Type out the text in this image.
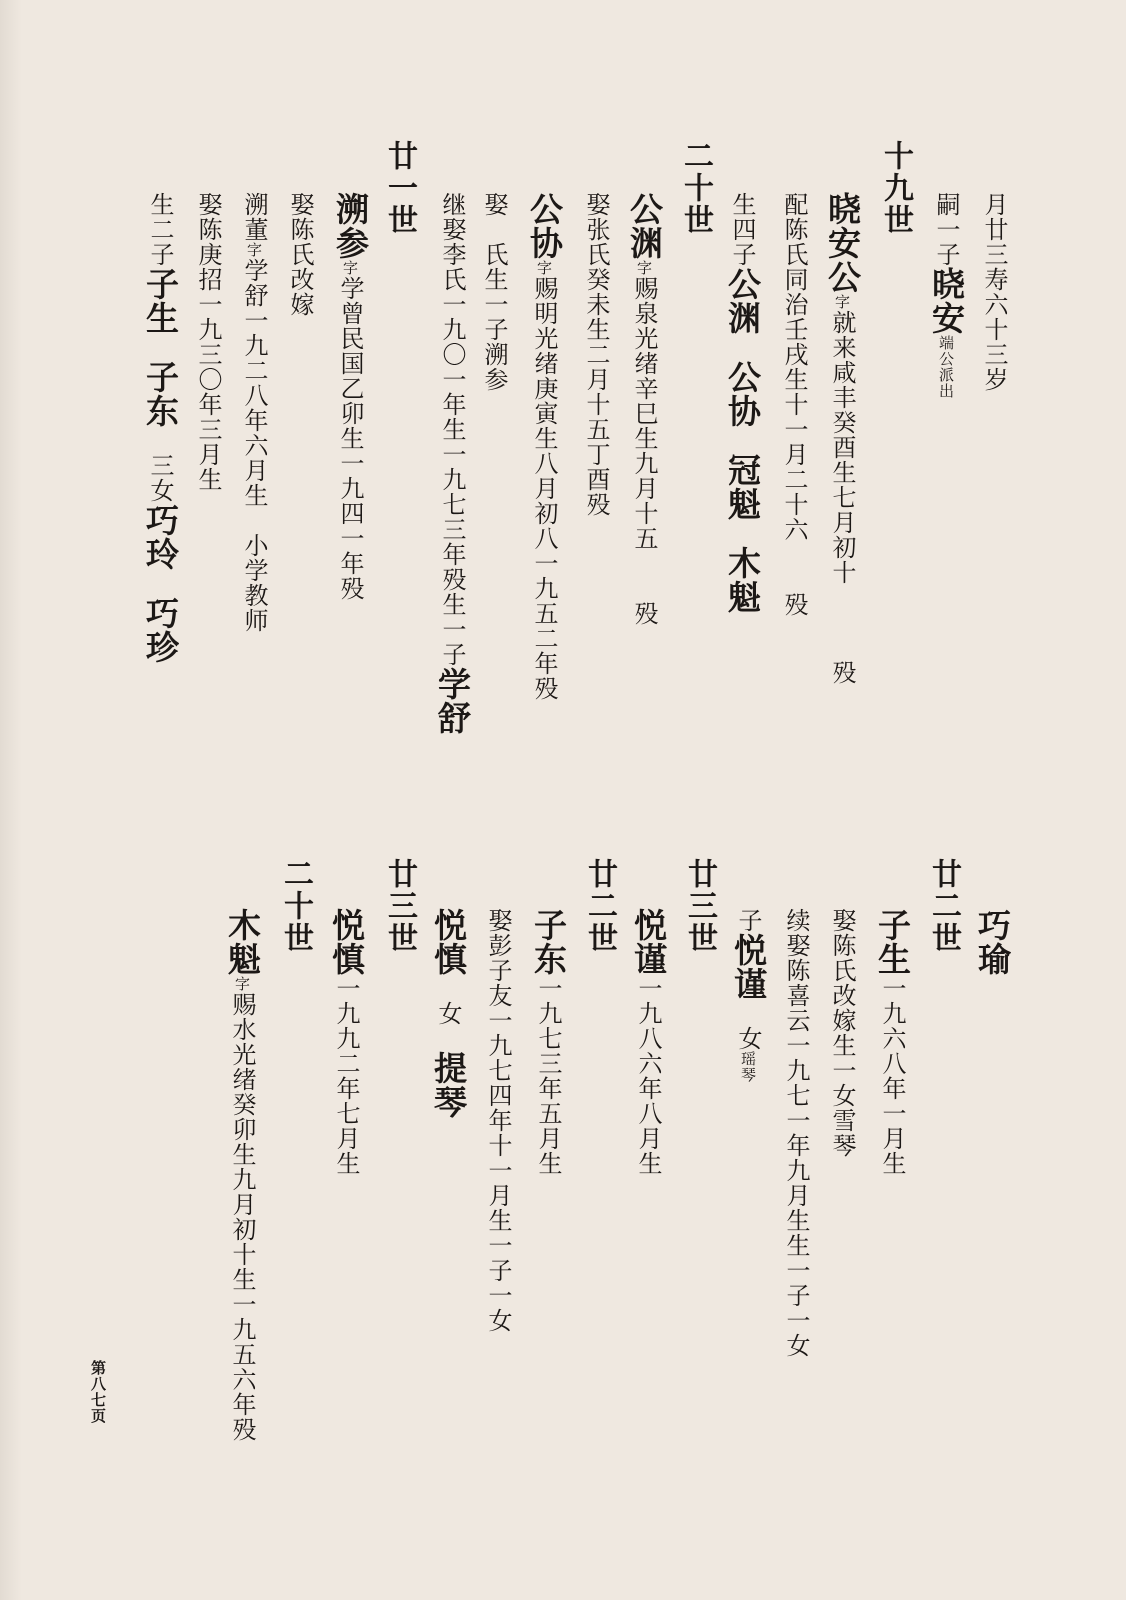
月廿三寿六十三岁
嗣一子晓安端公派出
十九世
晓安公字就来咸丰癸酉生七月初十　　　殁
配陈氏同治壬戌生十一月二十六　　殁
生四子公渊　公协　冠魁　木魁
二十世
公渊字赐泉光绪辛巳生九月十五　　殁
娶张氏癸未生二月十五丁酉殁
公协字赐明光绪庚寅生八月初八一九五二年殁
娶　氏生一子溯参
继娶李氏一九〇一年生一九七三年殁生一子学舒
廿一世
溯参字学曾民国乙卯生一九四一年殁
娶陈氏改嫁
溯董字学舒一九二八年六月生　小学教师
娶陈庚招一九三〇年三月生
生二子子生　子东　三女巧玲　巧珍
巧瑜
廿二世
子生一九六八年一月生
娶陈氏改嫁生一女雪琴
续娶陈喜云一九七一年九月生生一子一女
子悦谨　女瑶琴
廿三世
悦谨一九八六年八月生
廿二世
子东一九七三年五月生
娶彭子友一九七四年十一月生一子一女
悦慎　女　提琴
廿三世
悦慎一九九二年七月生
二十世
木魁字赐水光绪癸卯生九月初十生一九五六年殁
第八七页
